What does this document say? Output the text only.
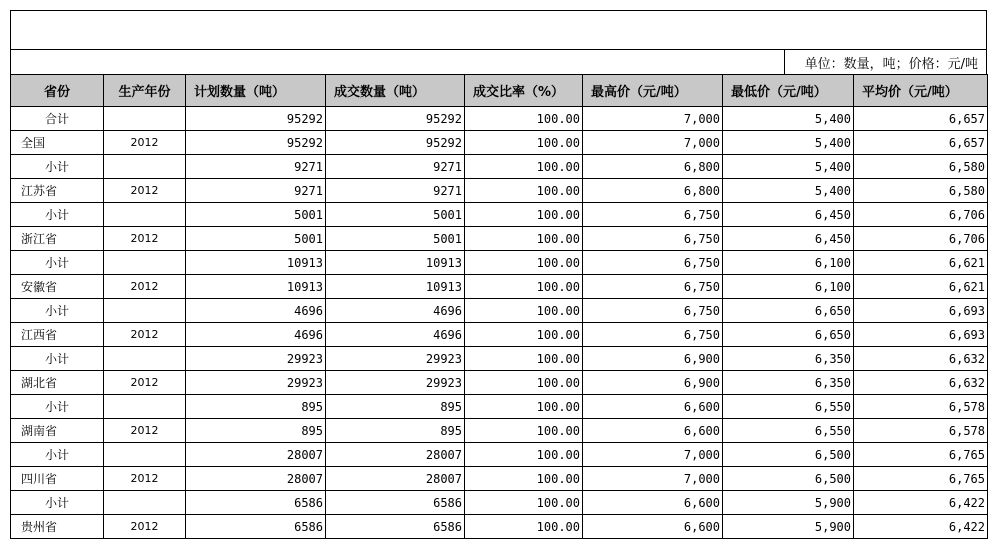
单位：数量，吨；价格：元/吨
省份	生产年份	计划数量（吨）	成交数量（吨）	成交比率（%）	最高价（元/吨）	最低价（元/吨）	平均价（元/吨）
合计		95292	95292	100.00	7,000	5,400	6,657
全国	2012	95292	95292	100.00	7,000	5,400	6,657
小计		9271	9271	100.00	6,800	5,400	6,580
江苏省	2012	9271	9271	100.00	6,800	5,400	6,580
小计		5001	5001	100.00	6,750	6,450	6,706
浙江省	2012	5001	5001	100.00	6,750	6,450	6,706
小计		10913	10913	100.00	6,750	6,100	6,621
安徽省	2012	10913	10913	100.00	6,750	6,100	6,621
小计		4696	4696	100.00	6,750	6,650	6,693
江西省	2012	4696	4696	100.00	6,750	6,650	6,693
小计		29923	29923	100.00	6,900	6,350	6,632
湖北省	2012	29923	29923	100.00	6,900	6,350	6,632
小计		895	895	100.00	6,600	6,550	6,578
湖南省	2012	895	895	100.00	6,600	6,550	6,578
小计		28007	28007	100.00	7,000	6,500	6,765
四川省	2012	28007	28007	100.00	7,000	6,500	6,765
小计		6586	6586	100.00	6,600	5,900	6,422
贵州省	2012	6586	6586	100.00	6,600	5,900	6,422
